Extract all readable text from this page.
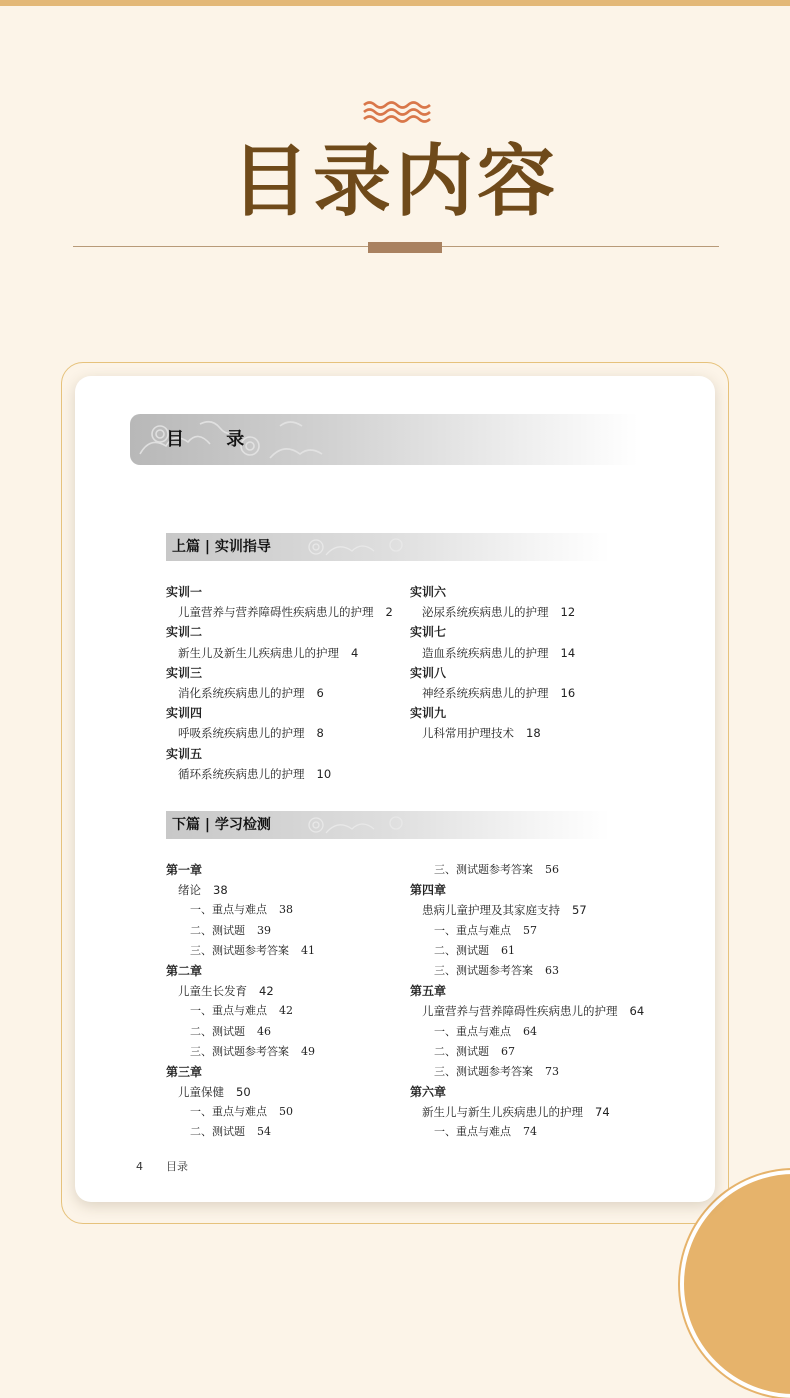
目录内容
目 录
上篇 | 实训指导
实训一
儿童营养与营养障碍性疾病患儿的护理 2
实训二
新生儿及新生儿疾病患儿的护理 4
实训三
消化系统疾病患儿的护理 6
实训四
呼吸系统疾病患儿的护理 8
实训五
循环系统疾病患儿的护理 10
实训六
泌尿系统疾病患儿的护理 12
实训七
造血系统疾病患儿的护理 14
实训八
神经系统疾病患儿的护理 16
实训九
儿科常用护理技术 18
下篇 | 学习检测
第一章
绪论 38
一、重点与难点 38
二、测试题 39
三、测试题参考答案 41
第二章
儿童生长发育 42
一、重点与难点 42
二、测试题 46
三、测试题参考答案 49
第三章
儿童保健 50
一、重点与难点 50
二、测试题 54
三、测试题参考答案 56
第四章
患病儿童护理及其家庭支持 57
一、重点与难点 57
二、测试题 61
三、测试题参考答案 63
第五章
儿童营养与营养障碍性疾病患儿的护理 64
一、重点与难点 64
二、测试题 67
三、测试题参考答案 73
第六章
新生儿与新生儿疾病患儿的护理 74
一、重点与难点 74
4 目录
